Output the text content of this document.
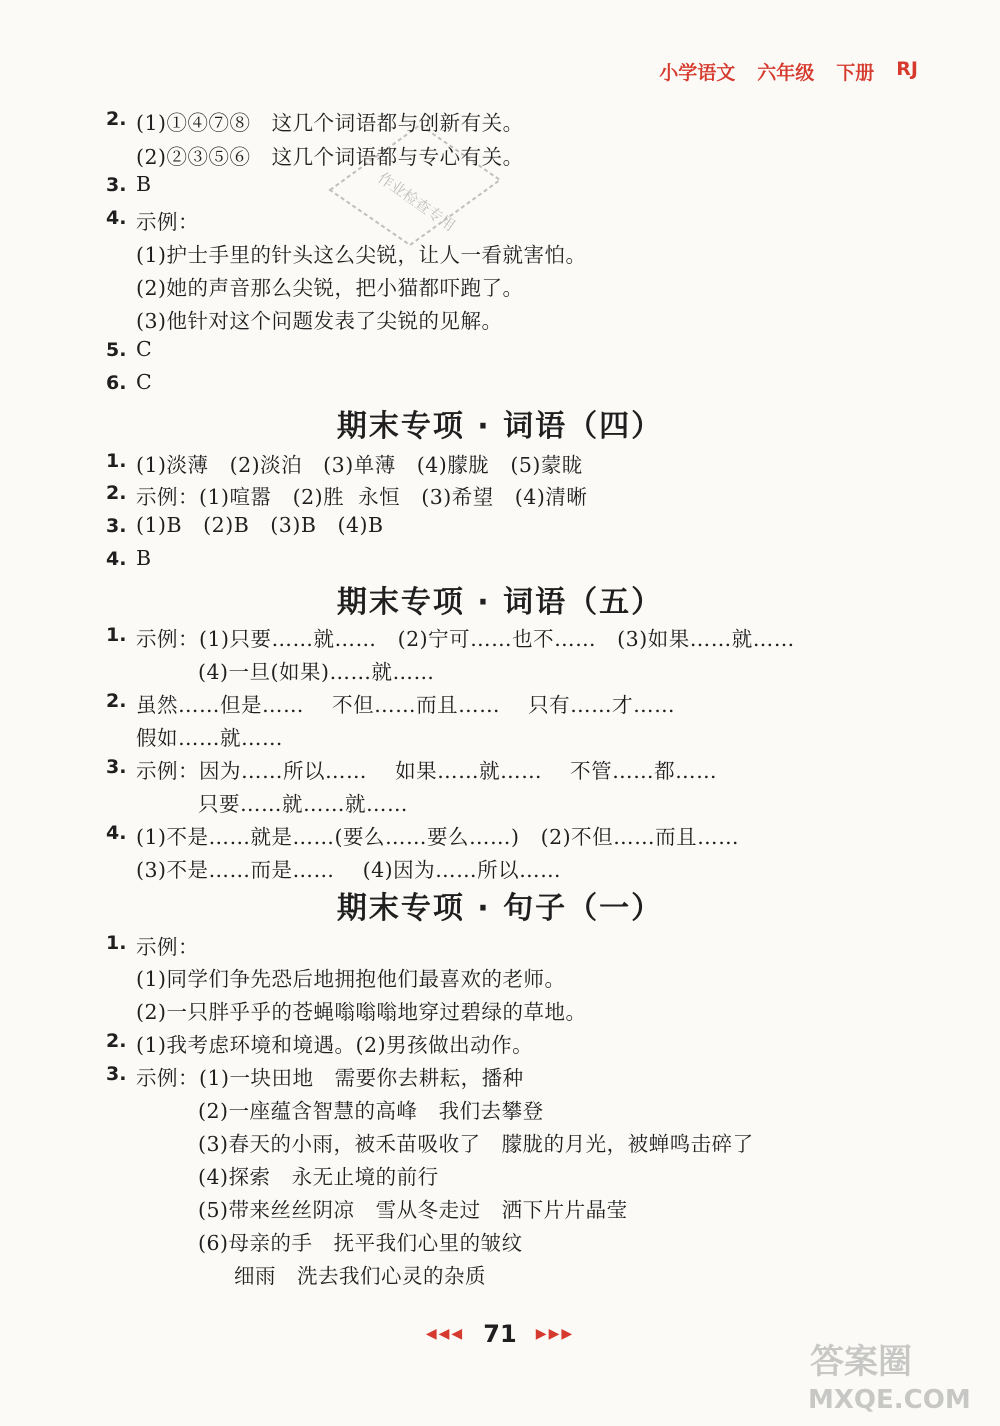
小学语文 六年级 下册 RJ
作业检查专用
2. (1)①④⑦⑧   这几个词语都与创新有关。
(2)②③⑤⑥   这几个词语都与专心有关。
3. B
4. 示例：
(1)护士手里的针头这么尖锐，让人一看就害怕。
(2)她的声音那么尖锐，把小猫都吓跑了。
(3)他针对这个问题发表了尖锐的见解。
5. C
6. C
期末专项 · 词语（四）
1. (1)淡薄   (2)淡泊   (3)单薄   (4)朦胧   (5)蒙眬
2. 示例：(1)喧嚣   (2)胜  永恒   (3)希望   (4)清晰
3. (1)B   (2)B   (3)B   (4)B
4. B
期末专项 · 词语（五）
1. 示例：(1)只要……就……   (2)宁可……也不……   (3)如果……就……
(4)一旦(如果)……就……
2. 虽然……但是……    不但……而且……    只有……才……
假如……就……
3. 示例：因为……所以……    如果……就……    不管……都……
只要……就……就……
4. (1)不是……就是……(要么……要么……)   (2)不但……而且……
(3)不是……而是……    (4)因为……所以……
期末专项 · 句子（一）
1. 示例：
(1)同学们争先恐后地拥抱他们最喜欢的老师。
(2)一只胖乎乎的苍蝇嗡嗡嗡地穿过碧绿的草地。
2. (1)我考虑环境和境遇。(2)男孩做出动作。
3. 示例：(1)一块田地   需要你去耕耘，播种
(2)一座蕴含智慧的高峰   我们去攀登
(3)春天的小雨，被禾苗吸收了   朦胧的月光，被蝉鸣击碎了
(4)探索   永无止境的前行
(5)带来丝丝阴凉   雪从冬走过   洒下片片晶莹
(6)母亲的手   抚平我们心里的皱纹
细雨   洗去我们心灵的杂质
◀◀◀ 71 ▶▶▶
答案圈
MXQE.COM
